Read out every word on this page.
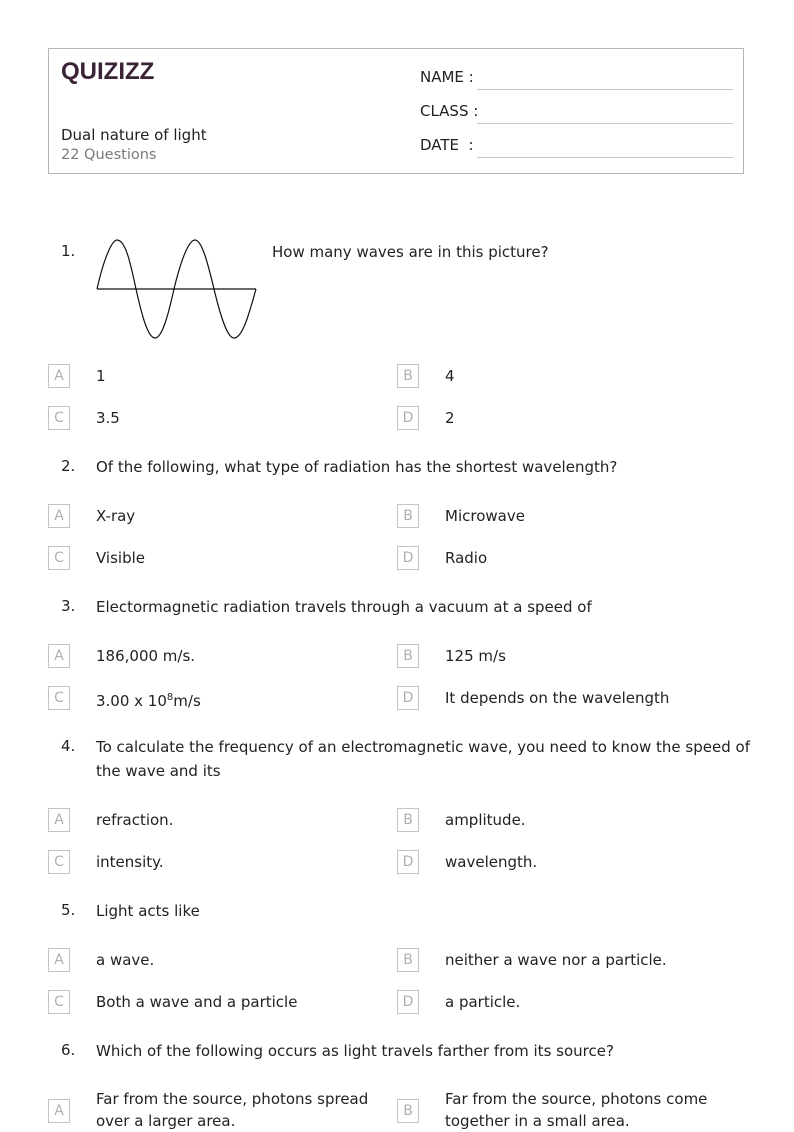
QUIZIZZ
Dual nature of light
22 Questions
NAME :
CLASS :
DATE  :
1.	How many waves are in this picture?
A	1	B	4
C	3.5	D	2
2. Of the following, what type of radiation has the shortest wavelength?
A	X-ray	B	Microwave
C	Visible	D	Radio
3. Electormagnetic radiation travels through a vacuum at a speed of
A	186,000 m/s.	B	125 m/s
C	3.00 x $10^8m/s$	D	It depends on the wavelength
4. To calculate the frequency of an electromagnetic wave, you need to know the speed of
the wave and its
A	refraction.	B	amplitude.
C	intensity.	D	wavelength.
5. Light acts like
A	a wave.	B	neither a wave nor a particle.
C	Both a wave and a particle	D	a particle.
6. Which of the following occurs as light travels farther from its source?
A
Far from the source, photons spread
over a larger area.
B
Far from the source, photons come
together in a small area.
